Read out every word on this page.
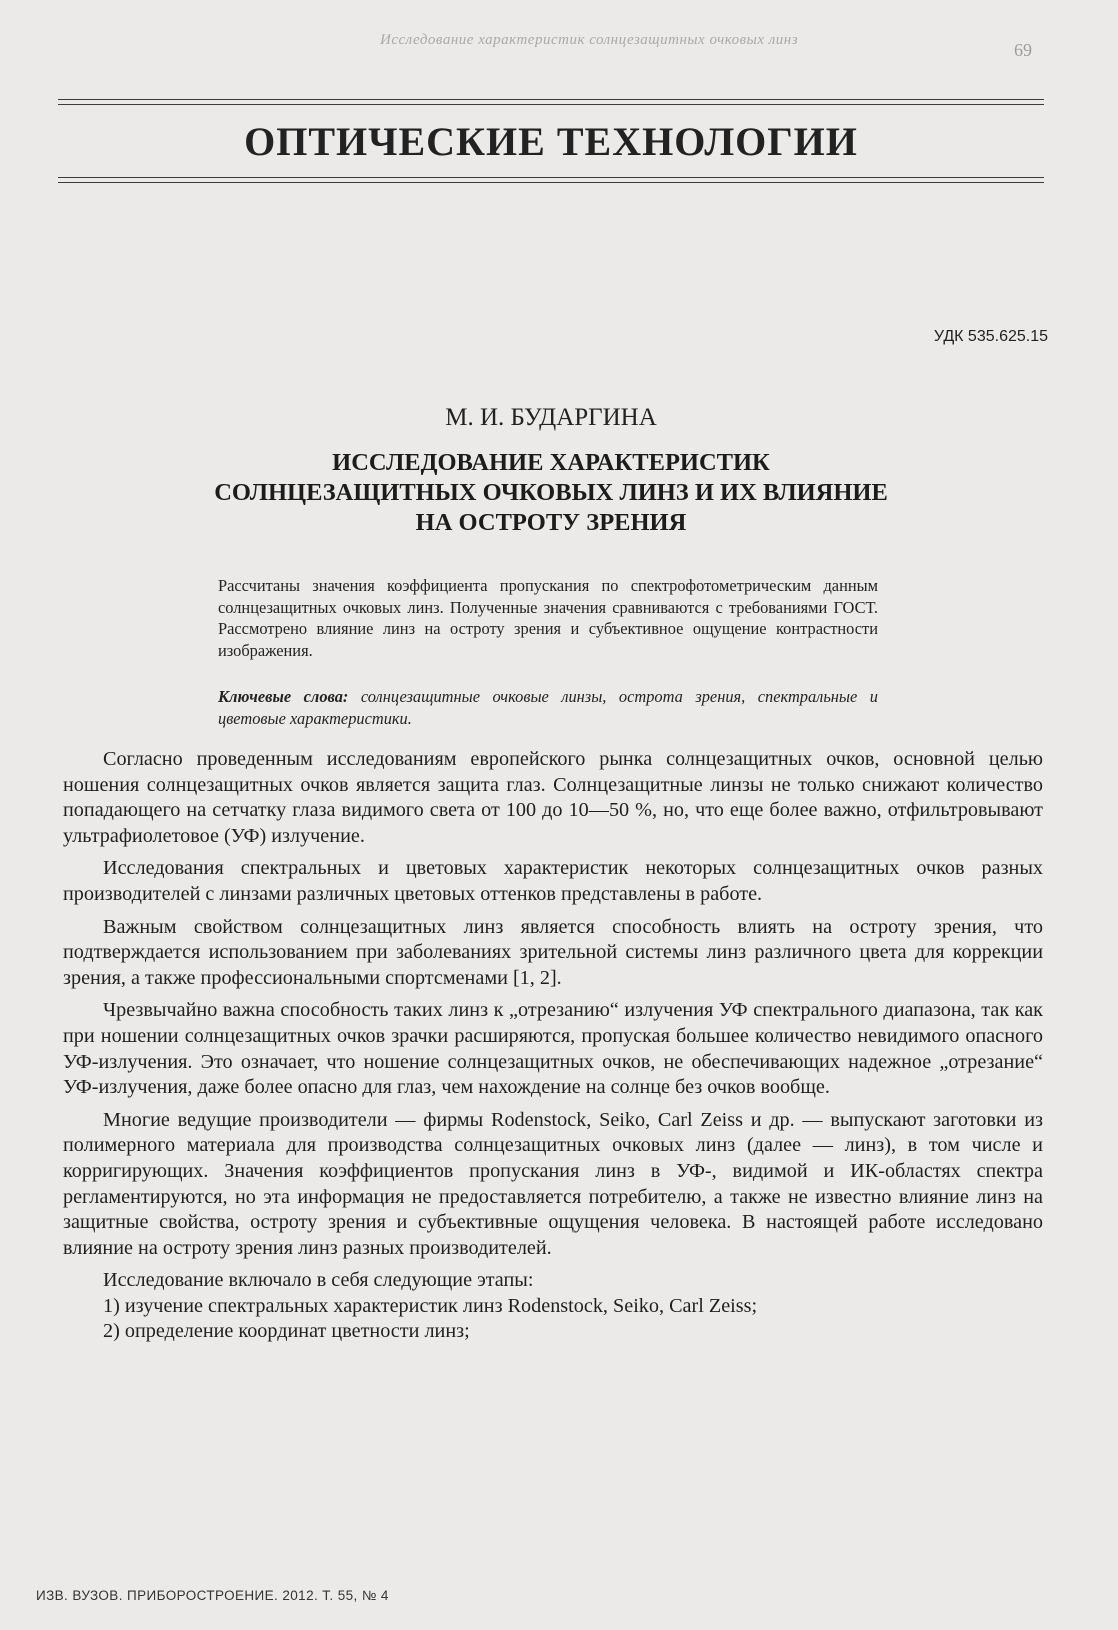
Исследование характеристик солнцезащитных очковых линз	69
ОПТИЧЕСКИЕ ТЕХНОЛОГИИ
УДК 535.625.15
М. И. БУДАРГИНА
ИССЛЕДОВАНИЕ ХАРАКТЕРИСТИК
СОЛНЦЕЗАЩИТНЫХ ОЧКОВЫХ ЛИНЗ И ИХ ВЛИЯНИЕ
НА ОСТРОТУ ЗРЕНИЯ
Рассчитаны значения коэффициента пропускания по спектрофотометрическим данным солнцезащитных очковых линз. Полученные значения сравниваются с требованиями ГОСТ. Рассмотрено влияние линз на остроту зрения и субъективное ощущение контрастности изображения.
Ключевые слова: солнцезащитные очковые линзы, острота зрения, спектральные и цветовые характеристики.

Согласно проведенным исследованиям европейского рынка солнцезащитных очков, основной целью ношения солнцезащитных очков является защита глаз. Солнцезащитные линзы не только снижают количество попадающего на сетчатку глаза видимого света от 100 до 10—50 %, но, что еще более важно, отфильтровывают ультрафиолетовое (УФ) излучение.

Исследования спектральных и цветовых характеристик некоторых солнцезащитных очков разных производителей с линзами различных цветовых оттенков представлены в работе.

Важным свойством солнцезащитных линз является способность влиять на остроту зрения, что подтверждается использованием при заболеваниях зрительной системы линз различного цвета для коррекции зрения, а также профессиональными спортсменами [1, 2].

Чрезвычайно важна способность таких линз к „отрезанию“ излучения УФ спектрального диапазона, так как при ношении солнцезащитных очков зрачки расширяются, пропуская большее количество невидимого опасного УФ-излучения. Это означает, что ношение солнцезащитных очков, не обеспечивающих надежное „отрезание“ УФ-излучения, даже более опасно для глаз, чем нахождение на солнце без очков вообще.

Многие ведущие производители — фирмы Rodenstock, Seiko, Carl Zeiss и др. — выпускают заготовки из полимерного материала для производства солнцезащитных очковых линз (далее — линз), в том числе и корригирующих. Значения коэффициентов пропускания линз в УФ-, видимой и ИК-областях спектра регламентируются, но эта информация не предоставляется потребителю, а также не известно влияние линз на защитные свойства, остроту зрения и субъективные ощущения человека. В настоящей работе исследовано влияние на остроту зрения линз разных производителей.

Исследование включало в себя следующие этапы:

1) изучение спектральных характеристик линз Rodenstock, Seiko, Carl Zeiss;

2) определение координат цветности линз;

ИЗВ. ВУЗОВ. ПРИБОРОСТРОЕНИЕ. 2012. Т. 55, № 4
